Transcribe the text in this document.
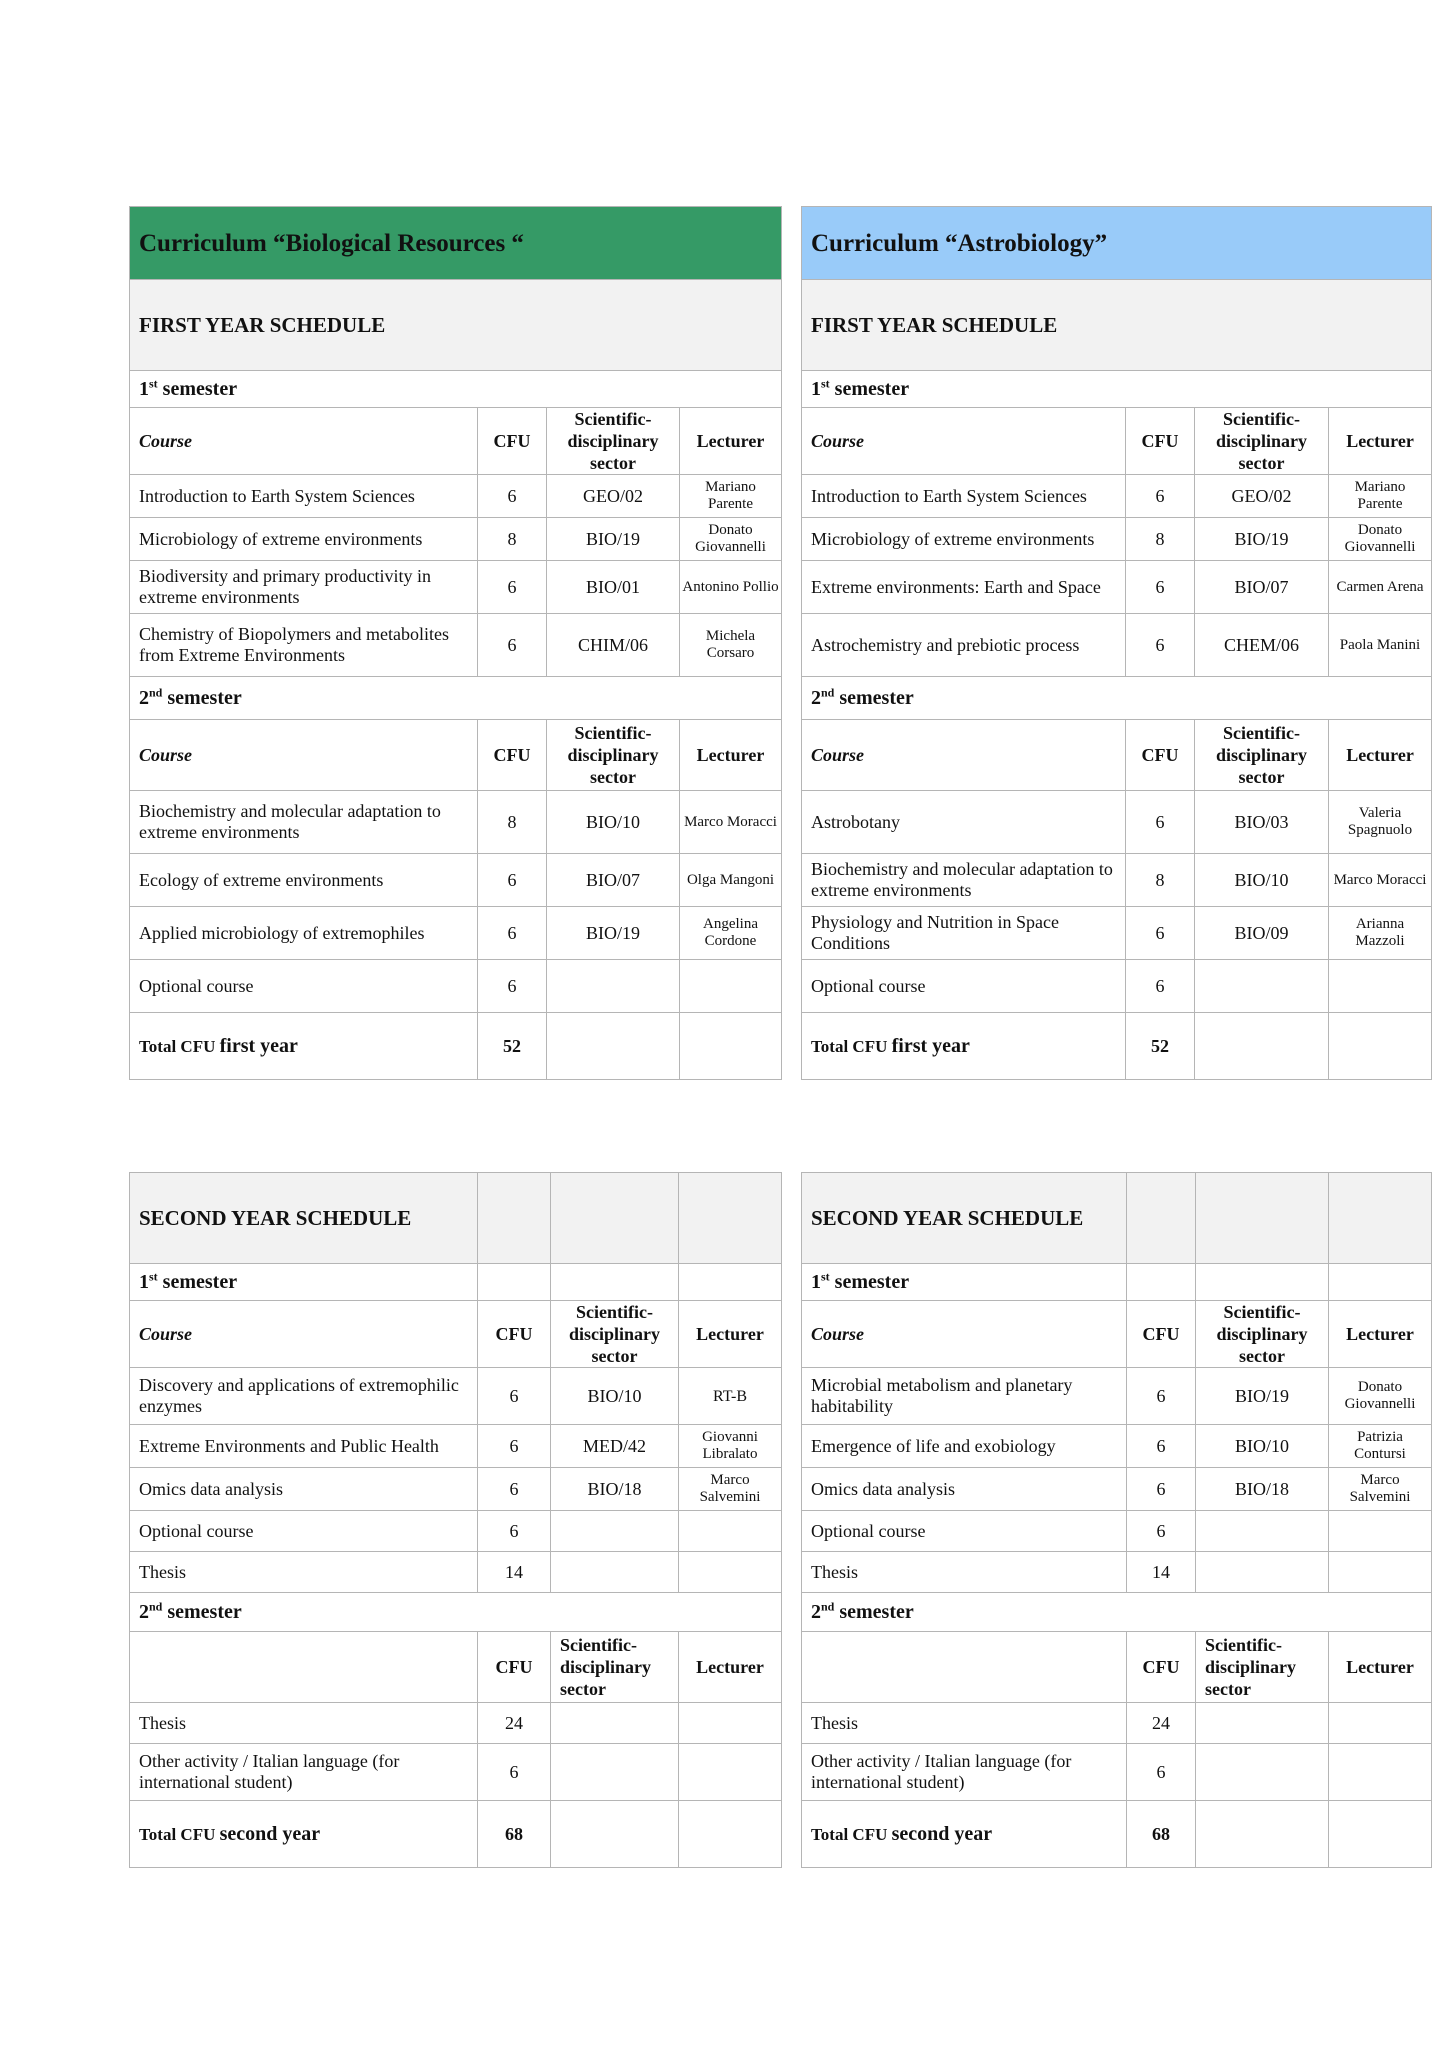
Curriculum “Biological Resources “			
FIRST YEAR SCHEDULE			
1st semester			
Course	CFU	Scientific-disciplinary sector	Lecturer
Introduction to Earth System Sciences	6	GEO/02	Mariano Parente
Microbiology of extreme environments	8	BIO/19	Donato Giovannelli
Biodiversity and primary productivity in extreme environments	6	BIO/01	Antonino Pollio
Chemistry of Biopolymers and metabolites from Extreme Environments	6	CHIM/06	Michela Corsaro
2nd semester			
Course	CFU	Scientific-disciplinary sector	Lecturer
Biochemistry and molecular adaptation to extreme environments	8	BIO/10	Marco Moracci
Ecology of extreme environments	6	BIO/07	Olga Mangoni
Applied microbiology of extremophiles	6	BIO/19	Angelina Cordone
Optional course	6		
Total CFU first year	52		
Curriculum “Astrobiology”			
FIRST YEAR SCHEDULE			
1st semester			
Course	CFU	Scientific-disciplinary sector	Lecturer
Introduction to Earth System Sciences	6	GEO/02	Mariano Parente
Microbiology of extreme environments	8	BIO/19	Donato Giovannelli
Extreme environments: Earth and Space	6	BIO/07	Carmen Arena
Astrochemistry and prebiotic process	6	CHEM/06	Paola Manini
2nd semester			
Course	CFU	Scientific-disciplinary sector	Lecturer
Astrobotany	6	BIO/03	Valeria Spagnuolo
Biochemistry and molecular adaptation to extreme environments	8	BIO/10	Marco Moracci
Physiology and Nutrition in Space Conditions	6	BIO/09	Arianna Mazzoli
Optional course	6		
Total CFU first year	52		
SECOND YEAR SCHEDULE			
1st semester			
Course	CFU	Scientific-disciplinary sector	Lecturer
Discovery and applications of extremophilic enzymes	6	BIO/10	RT-B
Extreme Environments and Public Health	6	MED/42	Giovanni Libralato
Omics data analysis	6	BIO/18	Marco Salvemini
Optional course	6		
Thesis	14		
2nd semester			
	CFU	Scientific-disciplinary sector	Lecturer
Thesis	24		
Other activity / Italian language (for international student)	6		
Total CFU second year	68		
SECOND YEAR SCHEDULE			
1st semester			
Course	CFU	Scientific-disciplinary sector	Lecturer
Microbial metabolism and planetary habitability	6	BIO/19	Donato Giovannelli
Emergence of life and exobiology	6	BIO/10	Patrizia Contursi
Omics data analysis	6	BIO/18	Marco Salvemini
Optional course	6		
Thesis	14		
2nd semester			
	CFU	Scientific-disciplinary sector	Lecturer
Thesis	24		
Other activity / Italian language (for international student)	6		
Total CFU second year	68		
